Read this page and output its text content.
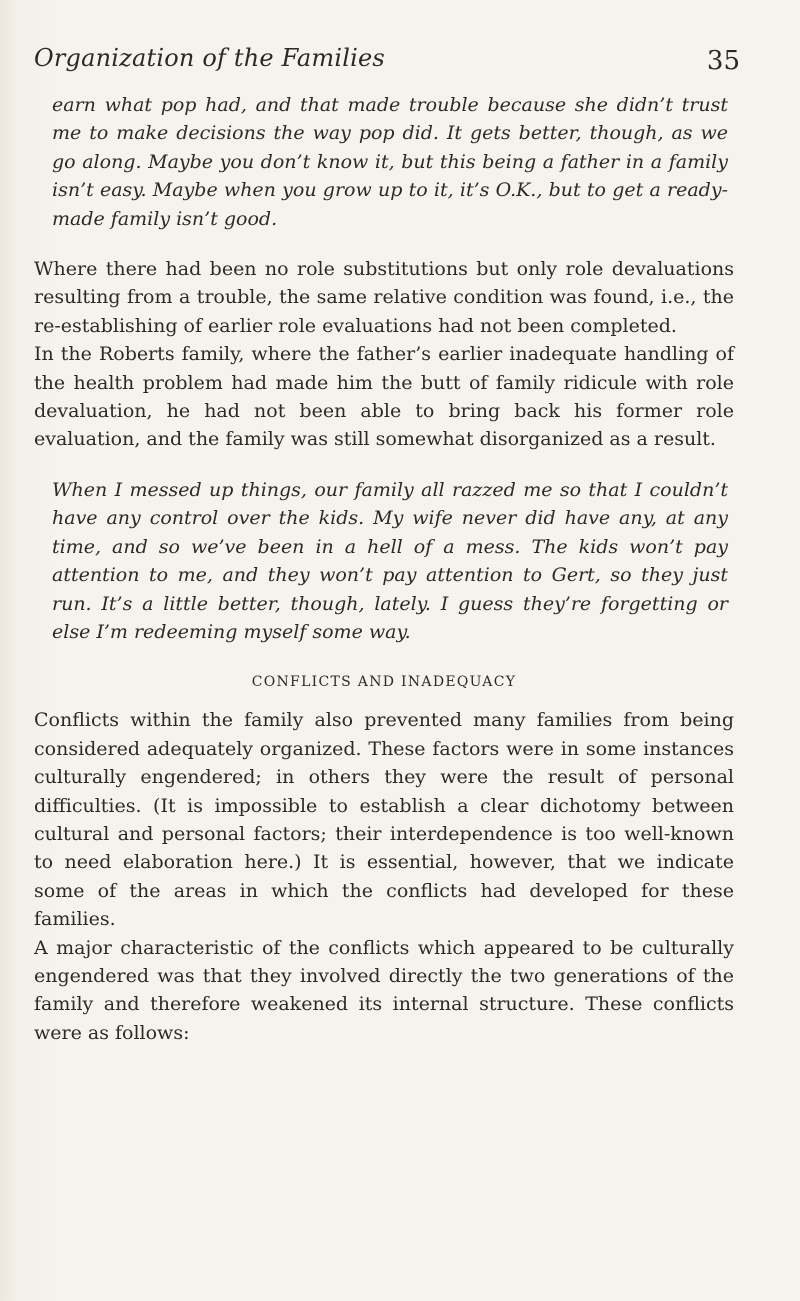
Organization of the Families	35

earn what pop had, and that made trouble because she didn’t trust me to make decisions the way pop did. It gets better, though, as we go along. Maybe you don’t know it, but this being a father in a family isn’t easy. Maybe when you grow up to it, it’s O.K., but to get a ready-made family isn’t good.

Where there had been no role substitutions but only role devaluations resulting from a trouble, the same relative condition was found, i.e., the re-establishing of earlier role evaluations had not been completed.

In the Roberts family, where the father’s earlier inadequate handling of the health problem had made him the butt of family ridicule with role devaluation, he had not been able to bring back his former role evaluation, and the family was still somewhat disorganized as a result.

When I messed up things, our family all razzed me so that I couldn’t have any control over the kids. My wife never did have any, at any time, and so we’ve been in a hell of a mess. The kids won’t pay attention to me, and they won’t pay attention to Gert, so they just run. It’s a little better, though, lately. I guess they’re forgetting or else I’m redeeming myself some way.

CONFLICTS AND INADEQUACY

Conflicts within the family also prevented many families from being considered adequately organized. These factors were in some instances culturally engendered; in others they were the result of personal difficulties. (It is impossible to establish a clear dichotomy between cultural and personal factors; their interdependence is too well-known to need elaboration here.) It is essential, however, that we indicate some of the areas in which the conflicts had developed for these families.

A major characteristic of the conflicts which appeared to be culturally engendered was that they involved directly the two generations of the family and therefore weakened its internal structure. These conflicts were as follows:
